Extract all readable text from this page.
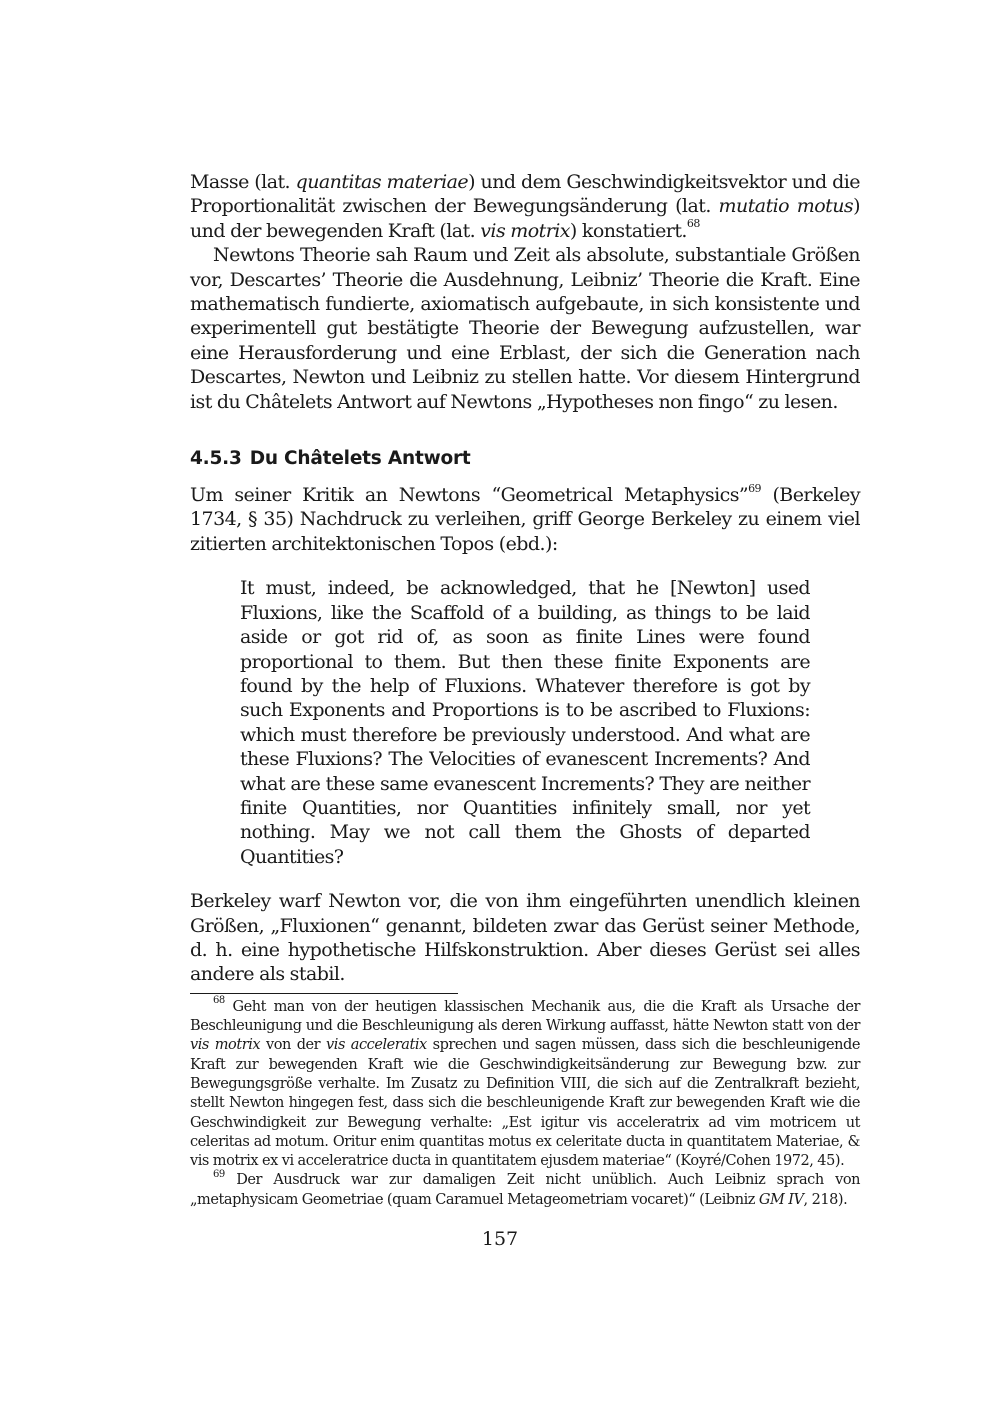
Masse (lat. quantitas materiae) und dem Geschwindigkeitsvektor und die Proportionalität zwischen der Bewegungsänderung (lat. mutatio motus) und der bewegenden Kraft (lat. vis motrix) konstatiert.$^{68}$

Newtons Theorie sah Raum und Zeit als absolute, substantiale Größen vor, Descartes’ Theorie die Ausdehnung, Leibniz’ Theorie die Kraft. Eine mathematisch fundierte, axiomatisch aufgebaute, in sich konsistente und experimentell gut bestätigte Theorie der Bewegung aufzustellen, war eine Herausforderung und eine Erblast, der sich die Generation nach Descartes, Newton und Leibniz zu stellen hatte. Vor diesem Hintergrund ist du Châtelets Antwort auf Newtons „Hypotheses non fingo“ zu lesen.

4.5.3 Du Châtelets Antwort

Um seiner Kritik an Newtons “Geometrical Metaphysics”$^{69}$ (Berkeley 1734, § 35) Nachdruck zu verleihen, griff George Berkeley zu einem viel zitierten architektonischen Topos (ebd.):

It must, indeed, be acknowledged, that he [Newton] used Fluxions, like the Scaffold of a building, as things to be laid aside or got rid of, as soon as finite Lines were found proportional to them. But then these finite Exponents are found by the help of Fluxions. Whatever therefore is got by such Exponents and Proportions is to be ascribed to Fluxions: which must therefore be previously understood. And what are these Fluxions? The Velocities of evanescent Increments? And what are these same evanescent Increments? They are neither finite Quantities, nor Quantities infinitely small, nor yet nothing. May we not call them the Ghosts of departed Quantities?

Berkeley warf Newton vor, die von ihm eingeführten unendlich kleinen Größen, „Fluxionen“ genannt, bildeten zwar das Gerüst seiner Methode, d. h. eine hypothetische Hilfskonstruktion. Aber dieses Gerüst sei alles andere als stabil.

$^{68}$ Geht man von der heutigen klassischen Mechanik aus, die die Kraft als Ursache der Beschleunigung und die Beschleunigung als deren Wirkung auffasst, hätte Newton statt von der vis motrix von der vis acceleratix sprechen und sagen müssen, dass sich die beschleunigende Kraft zur bewegenden Kraft wie die Geschwindigkeitsänderung zur Bewegung bzw. zur Bewegungsgröße verhalte. Im Zusatz zu Definition VIII, die sich auf die Zentralkraft bezieht, stellt Newton hingegen fest, dass sich die beschleunigende Kraft zur bewegenden Kraft wie die Geschwindigkeit zur Bewegung verhalte: „Est igitur vis acceleratrix ad vim motricem ut celeritas ad motum. Oritur enim quantitas motus ex celeritate ducta in quantitatem Materiae, & vis motrix ex vi acceleratrice ducta in quantitatem ejusdem materiae“ (Koyré/Cohen 1972, 45).

$^{69}$ Der Ausdruck war zur damaligen Zeit nicht unüblich. Auch Leibniz sprach von „metaphysicam Geometriae (quam Caramuel Metageometriam vocaret)“ (Leibniz GM IV, 218).

157
